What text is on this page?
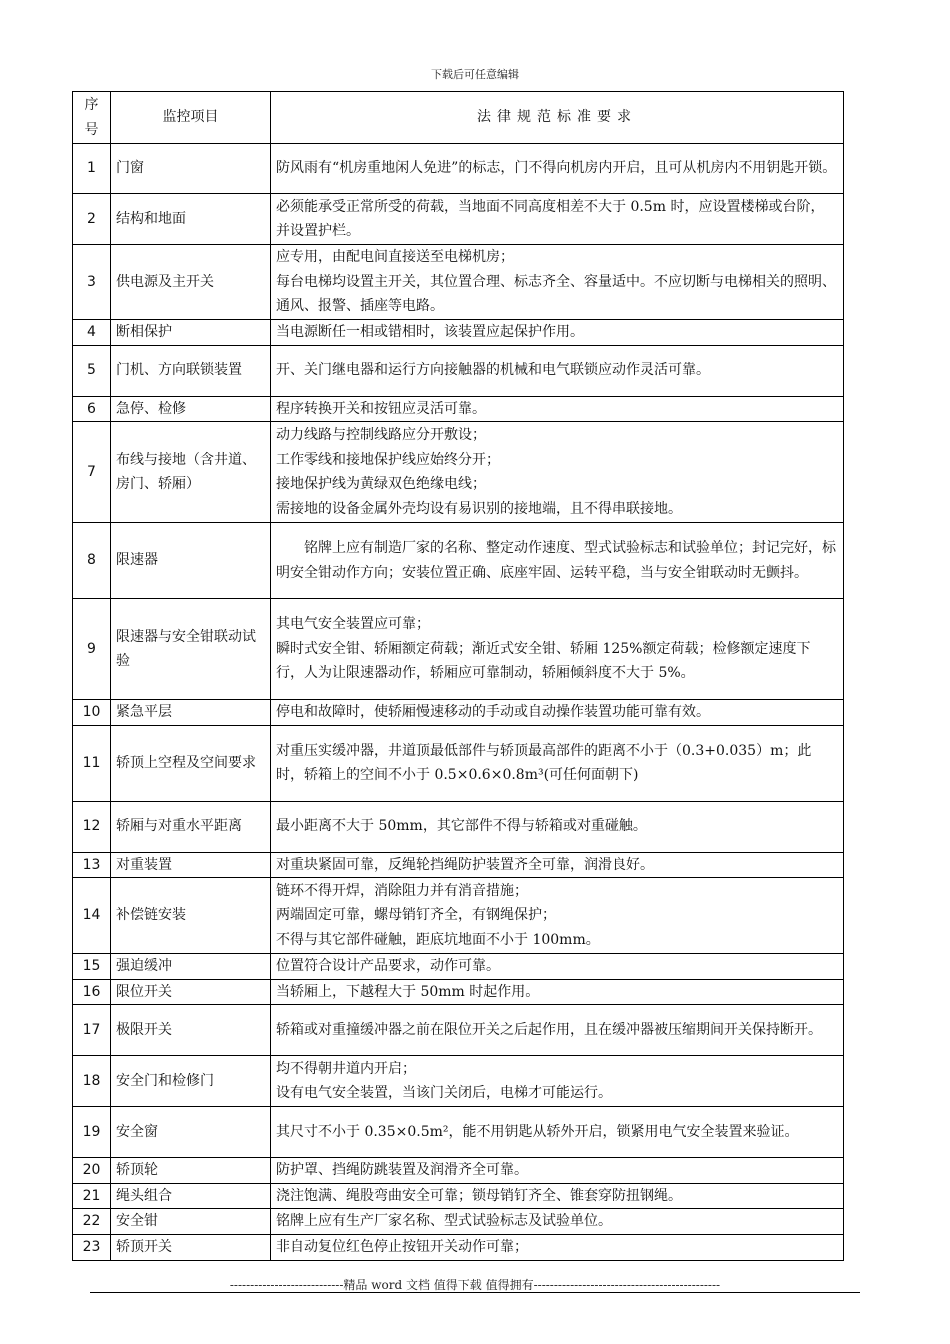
下载后可任意编辑
序号	监控项目	法律规范标准要求
1	门窗	防风雨有“机房重地闲人免进”的标志，门不得向机房内开启，且可从机房内不用钥匙开锁。

2	结构和地面	必须能承受正常所受的荷载，当地面不同高度相差不大于 0.5m 时，应设置楼梯或台阶，并设置护栏。

3	供电源及主开关	应专用，由配电间直接送至电梯机房；
每台电梯均设置主开关，其位置合理、标志齐全、容量适中。不应切断与电梯相关的照明、通风、报警、插座等电路。

4	断相保护	当电源断任一相或错相时，该装置应起保护作用。

5	门机、方向联锁装置	开、关门继电器和运行方向接触器的机械和电气联锁应动作灵活可靠。

6	急停、检修	程序转换开关和按钮应灵活可靠。

7	布线与接地（含井道、房门、轿厢）	动力线路与控制线路应分开敷设；
工作零线和接地保护线应始终分开；
接地保护线为黄绿双色绝缘电线；
需接地的设备金属外壳均设有易识别的接地端，且不得串联接地。

8	限速器	铭牌上应有制造厂家的名称、整定动作速度、型式试验标志和试验单位；封记完好，标明安全钳动作方向；安装位置正确、底座牢固、运转平稳，当与安全钳联动时无颤抖。

9	限速器与安全钳联动试验	其电气安全装置应可靠；
瞬时式安全钳、轿厢额定荷载；渐近式安全钳、轿厢 125%额定荷载；检修额定速度下行，人为让限速器动作，轿厢应可靠制动，轿厢倾斜度不大于 5%。

10	紧急平层	停电和故障时，使轿厢慢速移动的手动或自动操作装置功能可靠有效。

11	轿顶上空程及空间要求	对重压实缓冲器，井道顶最低部件与轿顶最高部件的距离不小于（0.3+0.035）m；此时，轿箱上的空间不小于 0.5×0.6×0.8m³(可任何面朝下)

12	轿厢与对重水平距离	最小距离不大于 50mm，其它部件不得与轿箱或对重碰触。

13	对重装置	对重块紧固可靠，反绳轮挡绳防护装置齐全可靠，润滑良好。

14	补偿链安装	链环不得开焊，消除阻力并有消音措施；
两端固定可靠，螺母销钉齐全，有钢绳保护；
不得与其它部件碰触，距底坑地面不小于 100mm。

15	强迫缓冲	位置符合设计产品要求，动作可靠。

16	限位开关	当轿厢上，下越程大于 50mm 时起作用。

17	极限开关	轿箱或对重撞缓冲器之前在限位开关之后起作用，且在缓冲器被压缩期间开关保持断开。

18	安全门和检修门	均不得朝井道内开启；
设有电气安全装置，当该门关闭后，电梯才可能运行。

19	安全窗	其尺寸不小于 0.35×0.5m²，能不用钥匙从轿外开启，锁紧用电气安全装置来验证。

20	轿顶轮	防护罩、挡绳防跳装置及润滑齐全可靠。

21	绳头组合	浇注饱满、绳股弯曲安全可靠；锁母销钉齐全、锥套穿防扭钢绳。

22	安全钳	铭牌上应有生产厂家名称、型式试验标志及试验单位。

23	轿顶开关	非自动复位红色停止按钮开关动作可靠；
----------------------------精品 word 文档 值得下载 值得拥有----------------------------------------------
